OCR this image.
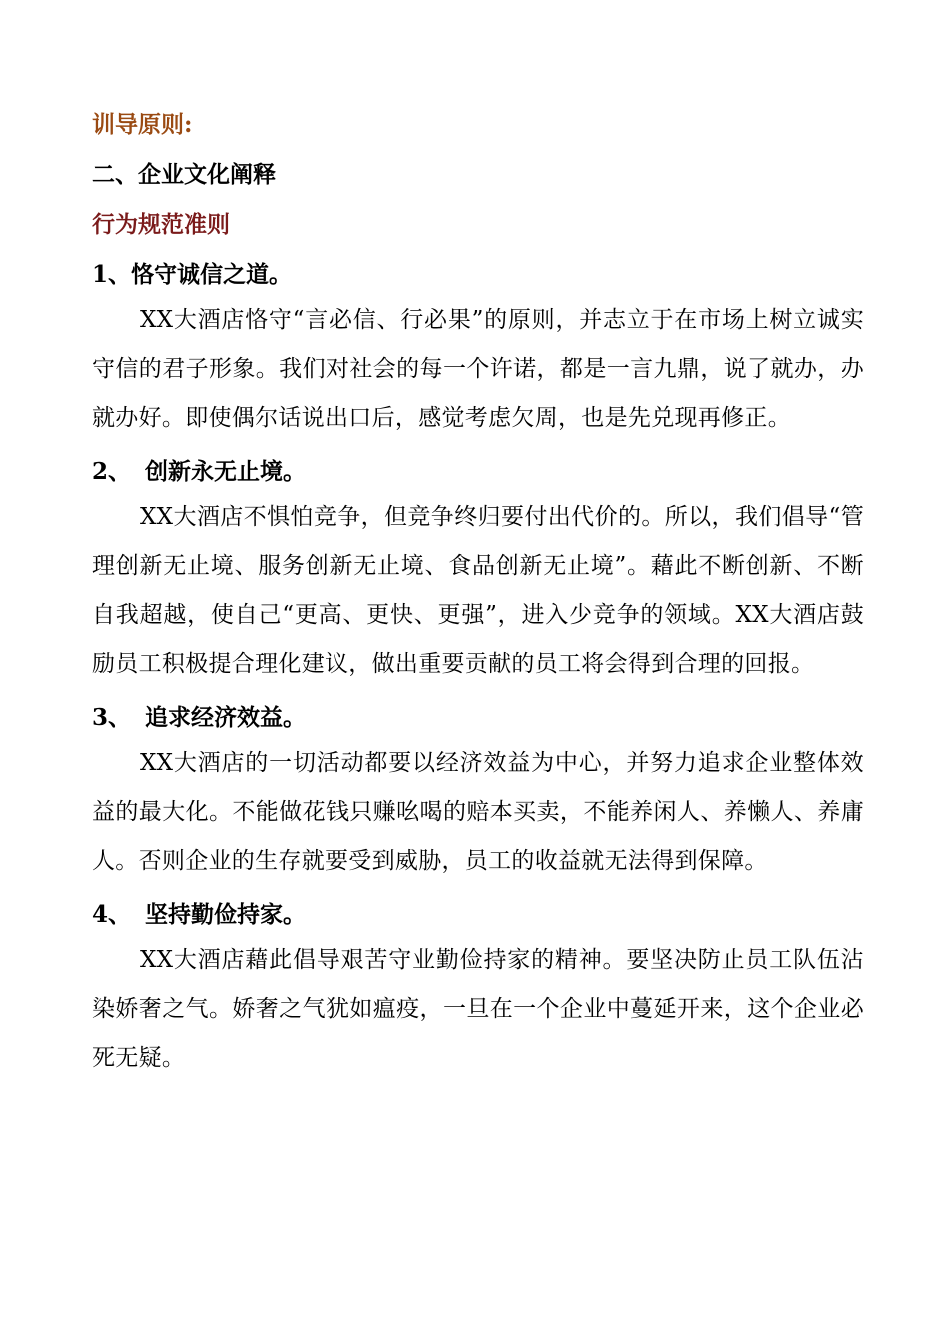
训导原则:

二、企业文化阐释

行为规范准则

1、恪守诚信之道。

XX大酒店恪守“言必信、行必果”的原则，并志立于在市场上树立诚实守信的君子形象。我们对社会的每一个许诺，都是一言九鼎，说了就办，办就办好。即使偶尔话说出口后，感觉考虑欠周，也是先兑现再修正。

2、 创新永无止境。

XX大酒店不惧怕竞争，但竞争终归要付出代价的。所以，我们倡导“管理创新无止境、服务创新无止境、食品创新无止境”。藉此不断创新、不断自我超越，使自己“更高、更快、更强”，进入少竞争的领域。XX大酒店鼓励员工积极提合理化建议，做出重要贡献的员工将会得到合理的回报。

3、 追求经济效益。

XX大酒店的一切活动都要以经济效益为中心，并努力追求企业整体效益的最大化。不能做花钱只赚吆喝的赔本买卖，不能养闲人、养懒人、养庸人。否则企业的生存就要受到威胁，员工的收益就无法得到保障。

4、 坚持勤俭持家。

XX大酒店藉此倡导艰苦守业勤俭持家的精神。要坚决防止员工队伍沾染娇奢之气。娇奢之气犹如瘟疫，一旦在一个企业中蔓延开来，这个企业必死无疑。
